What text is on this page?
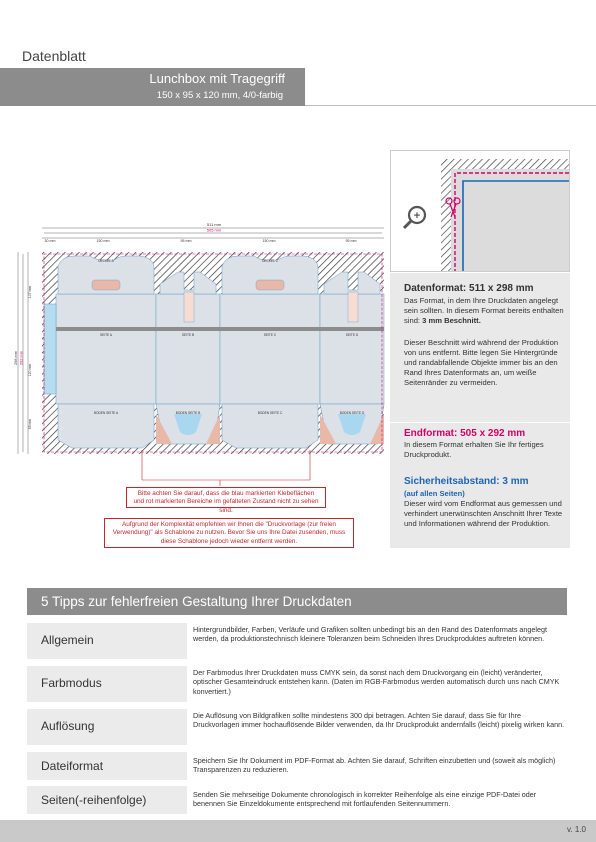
Datenblatt
Lunchbox mit Tragegriff
150 x 95 x 120 mm, 4/0-farbig
511 mm
505 mm
30 mm	150 mm	95 mm	150 mm	95 mm
298 mm 292 mm
107 mm
120 mm
65 mm
DECKEL A	DECKEL C
SEITE A	SEITE B	SEITE C	SEITE D
BODEN SEITE A	BODEN SEITE B	BODEN SEITE C	BODEN SEITE D
Bitte achten Sie darauf, dass die blau markierten Klebeflächen und rot markierten Bereiche im gefalteten Zustand nicht zu sehen sind.
Aufgrund der Komplexität empfehlen wir Ihnen die "Druckvorlage (zur freien Verwendung)" als Schablone zu nutzen. Bevor Sie uns Ihre Datei zusenden, muss diese Schablone jedoch wieder entfernt werden.
+
Datenformat: 511 x 298 mm
Das Format, in dem Ihre Druckdaten angelegt sein sollten. In diesem Format bereits enthalten sind: 3 mm Beschnitt.
Dieser Beschnitt wird während der Produktion von uns entfernt. Bitte legen Sie Hintergründe und randabfallende Objekte immer bis an den Rand Ihres Datenformats an, um weiße Seitenränder zu vermeiden.
Endformat: 505 x 292 mm
In diesem Format erhalten Sie Ihr fertiges Druckprodukt.
Sicherheitsabstand: 3 mm
(auf allen Seiten)
Dieser wird vom Endformat aus gemessen und verhindert unerwünschten Anschnitt Ihrer Texte und Informationen während der Produktion.
5 Tipps zur fehlerfreien Gestaltung Ihrer Druckdaten
Allgemein
Hintergrundbilder, Farben, Verläufe und Grafiken sollten unbedingt bis an den Rand des Datenformats angelegt werden, da produktionstechnisch kleinere Toleranzen beim Schneiden Ihres Druckproduktes auftreten können.
Farbmodus
Der Farbmodus Ihrer Druckdaten muss CMYK sein, da sonst nach dem Druckvorgang ein (leicht) veränderter, optischer Gesamteindruck entstehen kann. (Daten im RGB-Farbmodus werden automatisch durch uns nach CMYK konvertiert.)
Auflösung
Die Auflösung von Bildgrafiken sollte mindestens 300 dpi betragen. Achten Sie darauf, dass Sie für Ihre Druckvorlagen immer hochauflösende Bilder verwenden, da Ihr Druckprodukt andernfalls (leicht) pixelig wirken kann.
Dateiformat	Speichern Sie Ihr Dokument im PDF-Format ab. Achten Sie darauf, Schriften einzubetten und (soweit als möglich) Transparenzen zu reduzieren.
Seiten(-reihenfolge)	Senden Sie mehrseitige Dokumente chronologisch in korrekter Reihenfolge als eine einzige PDF-Datei oder benennen Sie Einzeldokumente entsprechend mit fortlaufenden Seitennummern.
v. 1.0
